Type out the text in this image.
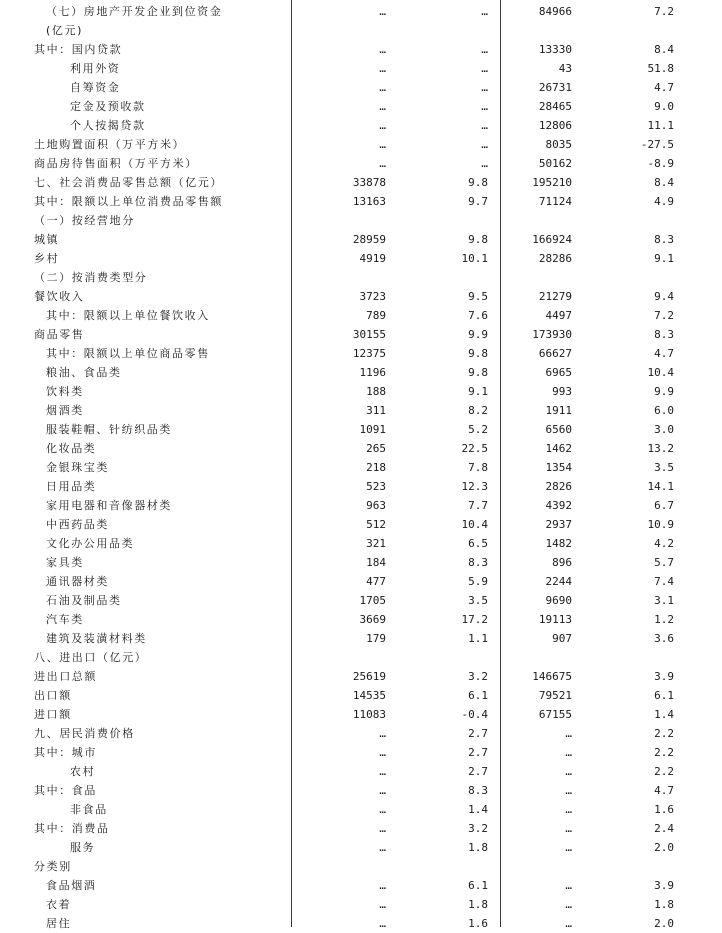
（七）房地产开发企业到位资金	…	…	84966	7.2
(亿元)
其中：国内贷款	…	…	13330	8.4
利用外资	…	…	43	51.8
自筹资金	…	…	26731	4.7
定金及预收款	…	…	28465	9.0
个人按揭贷款	…	…	12806	11.1
土地购置面积（万平方米）	…	…	8035	-27.5
商品房待售面积（万平方米）	…	…	50162	-8.9
七、社会消费品零售总额（亿元）	33878	9.8	195210	8.4
其中：限额以上单位消费品零售额	13163	9.7	71124	4.9
（一）按经营地分
城镇	28959	9.8	166924	8.3
乡村	4919	10.1	28286	9.1
（二）按消费类型分
餐饮收入	3723	9.5	21279	9.4
其中：限额以上单位餐饮收入	789	7.6	4497	7.2
商品零售	30155	9.9	173930	8.3
其中：限额以上单位商品零售	12375	9.8	66627	4.7
粮油、食品类	1196	9.8	6965	10.4
饮料类	188	9.1	993	9.9
烟酒类	311	8.2	1911	6.0
服装鞋帽、针纺织品类	1091	5.2	6560	3.0
化妆品类	265	22.5	1462	13.2
金银珠宝类	218	7.8	1354	3.5
日用品类	523	12.3	2826	14.1
家用电器和音像器材类	963	7.7	4392	6.7
中西药品类	512	10.4	2937	10.9
文化办公用品类	321	6.5	1482	4.2
家具类	184	8.3	896	5.7
通讯器材类	477	5.9	2244	7.4
石油及制品类	1705	3.5	9690	3.1
汽车类	3669	17.2	19113	1.2
建筑及装潢材料类	179	1.1	907	3.6
八、进出口（亿元）
进出口总额	25619	3.2	146675	3.9
出口额	14535	6.1	79521	6.1
进口额	11083	-0.4	67155	1.4
九、居民消费价格	…	2.7	…	2.2
其中：城市	…	2.7	…	2.2
农村	…	2.7	…	2.2
其中：食品	…	8.3	…	4.7
非食品	…	1.4	…	1.6
其中：消费品	…	3.2	…	2.4
服务	…	1.8	…	2.0
分类别
食品烟酒	…	6.1	…	3.9
衣着	…	1.8	…	1.8
居住	…	1.6	…	2.0
